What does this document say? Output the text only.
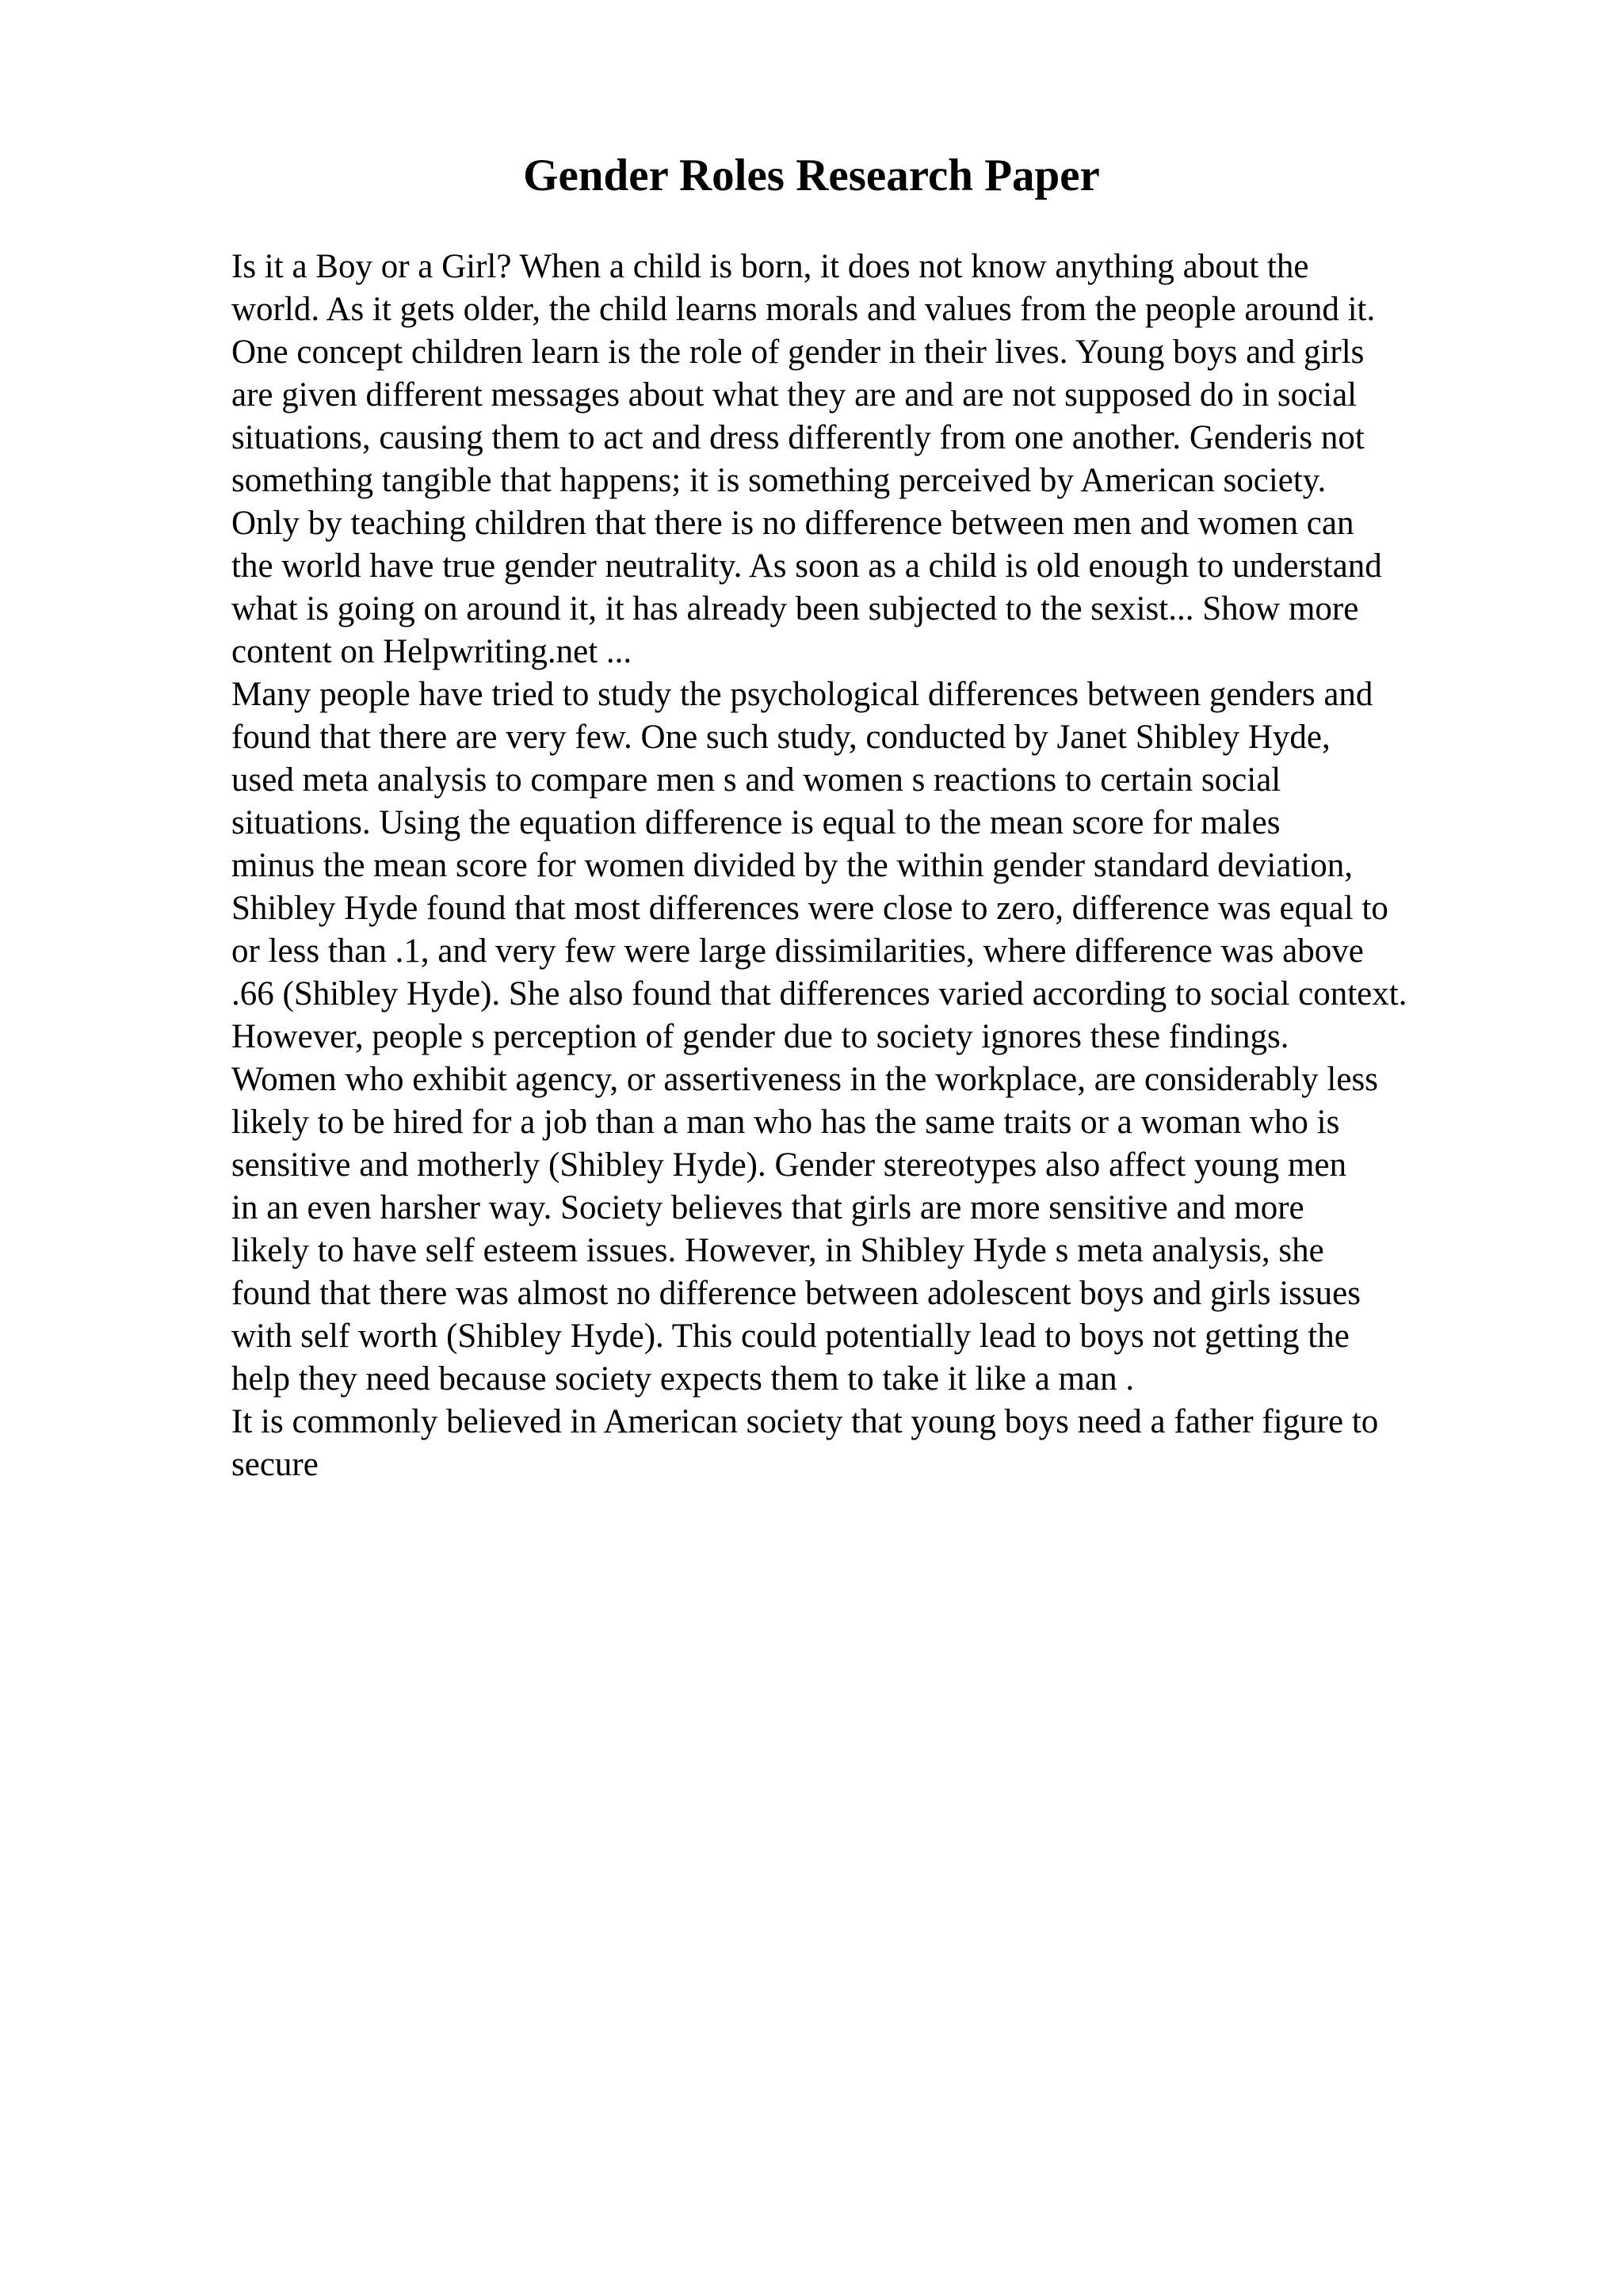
Gender Roles Research Paper
Is it a Boy or a Girl? When a child is born, it does not know anything about the
world. As it gets older, the child learns morals and values from the people around it.
One concept children learn is the role of gender in their lives. Young boys and girls
are given different messages about what they are and are not supposed do in social
situations, causing them to act and dress differently from one another. Genderis not
something tangible that happens; it is something perceived by American society.
Only by teaching children that there is no difference between men and women can
the world have true gender neutrality. As soon as a child is old enough to understand
what is going on around it, it has already been subjected to the sexist... Show more
content on Helpwriting.net ...
Many people have tried to study the psychological differences between genders and
found that there are very few. One such study, conducted by Janet Shibley Hyde,
used meta analysis to compare men s and women s reactions to certain social
situations. Using the equation difference is equal to the mean score for males
minus the mean score for women divided by the within gender standard deviation,
Shibley Hyde found that most differences were close to zero, difference was equal to
or less than .1, and very few were large dissimilarities, where difference was above
.66 (Shibley Hyde). She also found that differences varied according to social context.
However, people s perception of gender due to society ignores these findings.
Women who exhibit agency, or assertiveness in the workplace, are considerably less
likely to be hired for a job than a man who has the same traits or a woman who is
sensitive and motherly (Shibley Hyde). Gender stereotypes also affect young men
in an even harsher way. Society believes that girls are more sensitive and more
likely to have self esteem issues. However, in Shibley Hyde s meta analysis, she
found that there was almost no difference between adolescent boys and girls issues
with self worth (Shibley Hyde). This could potentially lead to boys not getting the
help they need because society expects them to take it like a man .
It is commonly believed in American society that young boys need a father figure to
secure
